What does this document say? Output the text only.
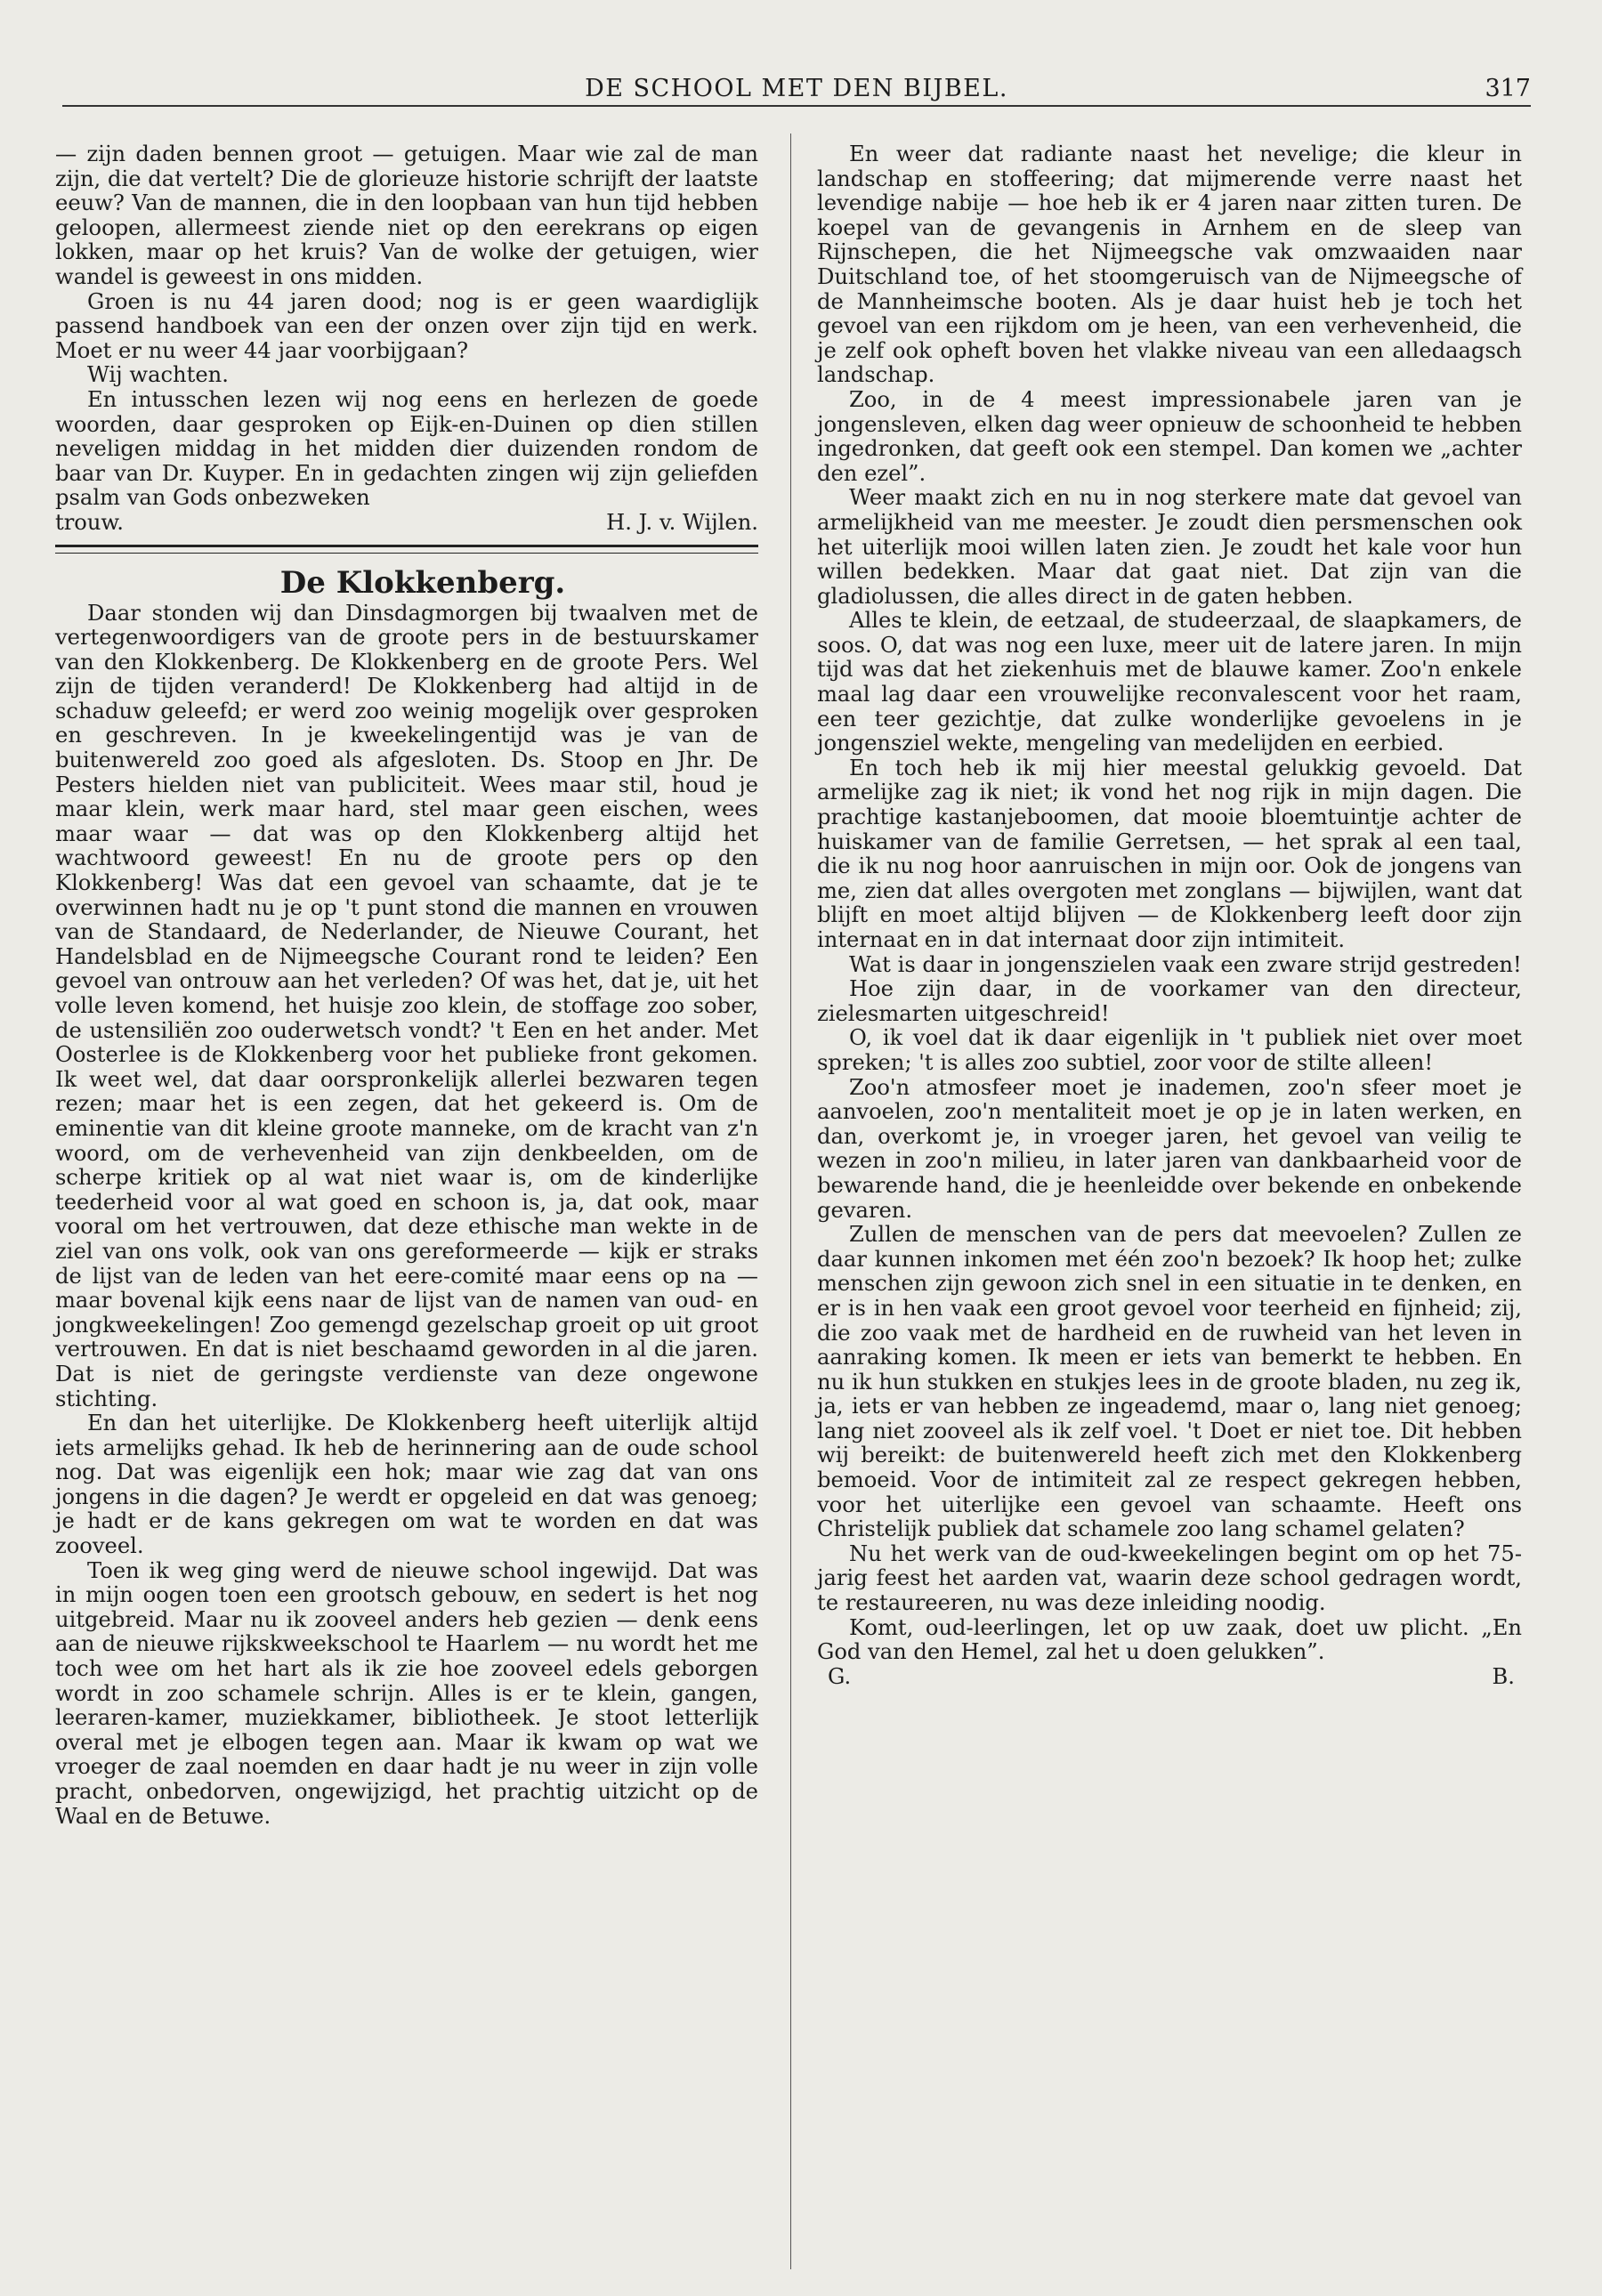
DE SCHOOL MET DEN BIJBEL.	317

— zijn daden bennen groot — getuigen. Maar wie zal de man zijn, die dat vertelt? Die de glorieuze historie schrijft der laatste eeuw? Van de mannen, die in den loopbaan van hun tijd hebben geloopen, allermeest ziende niet op den eerekrans op eigen lokken, maar op het kruis? Van de wolke der getuigen, wier wandel is geweest in ons midden.

Groen is nu 44 jaren dood; nog is er geen waardiglijk passend handboek van een der onzen over zijn tijd en werk. Moet er nu weer 44 jaar voorbijgaan?

Wij wachten.

En intusschen lezen wij nog eens en herlezen de goede woorden, daar gesproken op Eijk-en-Duinen op dien stillen neveligen middag in het midden dier duizenden rondom de baar van Dr. Kuyper. En in gedachten zingen wij zijn geliefden psalm van Gods onbezweken

trouw.	H. J. v. Wijlen.

De Klokkenberg.

Daar stonden wij dan Dinsdagmorgen bij twaalven met de vertegenwoordigers van de groote pers in de bestuurskamer van den Klokkenberg. De Klokkenberg en de groote Pers. Wel zijn de tijden veranderd! De Klokkenberg had altijd in de schaduw geleefd; er werd zoo weinig mogelijk over gesproken en geschreven. In je kweekelingentijd was je van de buitenwereld zoo goed als afgesloten. Ds. Stoop en Jhr. De Pesters hielden niet van publiciteit. Wees maar stil, houd je maar klein, werk maar hard, stel maar geen eischen, wees maar waar — dat was op den Klokkenberg altijd het wachtwoord geweest! En nu de groote pers op den Klokkenberg! Was dat een gevoel van schaamte, dat je te overwinnen hadt nu je op 't punt stond die mannen en vrouwen van de Standaard, de Nederlander, de Nieuwe Courant, het Handelsblad en de Nijmeegsche Courant rond te leiden? Een gevoel van ontrouw aan het verleden? Of was het, dat je, uit het volle leven komend, het huisje zoo klein, de stoffage zoo sober, de ustensiliën zoo ouderwetsch vondt? 't Een en het ander. Met Oosterlee is de Klokkenberg voor het publieke front gekomen. Ik weet wel, dat daar oorspronkelijk allerlei bezwaren tegen rezen; maar het is een zegen, dat het gekeerd is. Om de eminentie van dit kleine groote manneke, om de kracht van z'n woord, om de verhevenheid van zijn denkbeelden, om de scherpe kritiek op al wat niet waar is, om de kinderlijke teederheid voor al wat goed en schoon is, ja, dat ook, maar vooral om het vertrouwen, dat deze ethische man wekte in de ziel van ons volk, ook van ons gereformeerde — kijk er straks de lijst van de leden van het eere-comité maar eens op na — maar bovenal kijk eens naar de lijst van de namen van oud- en jongkweekelingen! Zoo gemengd gezelschap groeit op uit groot vertrouwen. En dat is niet beschaamd geworden in al die jaren. Dat is niet de geringste verdienste van deze ongewone stichting.

En dan het uiterlijke. De Klokkenberg heeft uiterlijk altijd iets armelijks gehad. Ik heb de herinnering aan de oude school nog. Dat was eigenlijk een hok; maar wie zag dat van ons jongens in die dagen? Je werdt er opgeleid en dat was genoeg; je hadt er de kans gekregen om wat te worden en dat was zooveel.

Toen ik weg ging werd de nieuwe school ingewijd. Dat was in mijn oogen toen een grootsch gebouw, en sedert is het nog uitgebreid. Maar nu ik zooveel anders heb gezien — denk eens aan de nieuwe rijkskweekschool te Haarlem — nu wordt het me toch wee om het hart als ik zie hoe zooveel edels geborgen wordt in zoo schamele schrijn. Alles is er te klein, gangen, leeraren-kamer, muziekkamer, bibliotheek. Je stoot letterlijk overal met je elbogen tegen aan. Maar ik kwam op wat we vroeger de zaal noemden en daar hadt je nu weer in zijn volle pracht, onbedorven, ongewijzigd, het prachtig uitzicht op de Waal en de Betuwe.

En weer dat radiante naast het nevelige; die kleur in landschap en stoffeering; dat mijmerende verre naast het levendige nabije — hoe heb ik er 4 jaren naar zitten turen. De koepel van de gevangenis in Arnhem en de sleep van Rijnschepen, die het Nijmeegsche vak omzwaaiden naar Duitschland toe, of het stoomgeruisch van de Nijmeegsche of de Mannheimsche booten. Als je daar huist heb je toch het gevoel van een rijkdom om je heen, van een verhevenheid, die je zelf ook opheft boven het vlakke niveau van een alledaagsch landschap.

Zoo, in de 4 meest impressionabele jaren van je jongensleven, elken dag weer opnieuw de schoonheid te hebben ingedronken, dat geeft ook een stempel. Dan komen we „achter den ezel”.

Weer maakt zich en nu in nog sterkere mate dat gevoel van armelijkheid van me meester. Je zoudt dien persmenschen ook het uiterlijk mooi willen laten zien. Je zoudt het kale voor hun willen bedekken. Maar dat gaat niet. Dat zijn van die gladiolussen, die alles direct in de gaten hebben.

Alles te klein, de eetzaal, de studeerzaal, de slaapkamers, de soos. O, dat was nog een luxe, meer uit de latere jaren. In mijn tijd was dat het ziekenhuis met de blauwe kamer. Zoo'n enkele maal lag daar een vrouwelijke reconvalescent voor het raam, een teer gezichtje, dat zulke wonderlijke gevoelens in je jongensziel wekte, mengeling van medelijden en eerbied.

En toch heb ik mij hier meestal gelukkig gevoeld. Dat armelijke zag ik niet; ik vond het nog rijk in mijn dagen. Die prachtige kastanjeboomen, dat mooie bloemtuintje achter de huiskamer van de familie Gerretsen, — het sprak al een taal, die ik nu nog hoor aanruischen in mijn oor. Ook de jongens van me, zien dat alles overgoten met zonglans — bijwijlen, want dat blijft en moet altijd blijven — de Klokkenberg leeft door zijn internaat en in dat internaat door zijn intimiteit.

Wat is daar in jongenszielen vaak een zware strijd gestreden!

Hoe zijn daar, in de voorkamer van den directeur, zielesmarten uitgeschreid!

O, ik voel dat ik daar eigenlijk in 't publiek niet over moet spreken; 't is alles zoo subtiel, zoor voor de stilte alleen!

Zoo'n atmosfeer moet je inademen, zoo'n sfeer moet je aanvoelen, zoo'n mentaliteit moet je op je in laten werken, en dan, overkomt je, in vroeger jaren, het gevoel van veilig te wezen in zoo'n milieu, in later jaren van dankbaarheid voor de bewarende hand, die je heenleidde over bekende en onbekende gevaren.

Zullen de menschen van de pers dat meevoelen? Zullen ze daar kunnen inkomen met één zoo'n bezoek? Ik hoop het; zulke menschen zijn gewoon zich snel in een situatie in te denken, en er is in hen vaak een groot gevoel voor teerheid en fijnheid; zij, die zoo vaak met de hardheid en de ruwheid van het leven in aanraking komen. Ik meen er iets van bemerkt te hebben. En nu ik hun stukken en stukjes lees in de groote bladen, nu zeg ik, ja, iets er van hebben ze ingeademd, maar o, lang niet genoeg; lang niet zooveel als ik zelf voel. 't Doet er niet toe. Dit hebben wij bereikt: de buitenwereld heeft zich met den Klokkenberg bemoeid. Voor de intimiteit zal ze respect gekregen hebben, voor het uiterlijke een gevoel van schaamte. Heeft ons Christelijk publiek dat schamele zoo lang schamel gelaten?

Nu het werk van de oud-kweekelingen begint om op het 75-jarig feest het aarden vat, waarin deze school gedragen wordt, te restaureeren, nu was deze inleiding noodig.

Komt, oud-leerlingen, let op uw zaak, doet uw plicht. „En God van den Hemel, zal het u doen gelukken”.

G.	B.
